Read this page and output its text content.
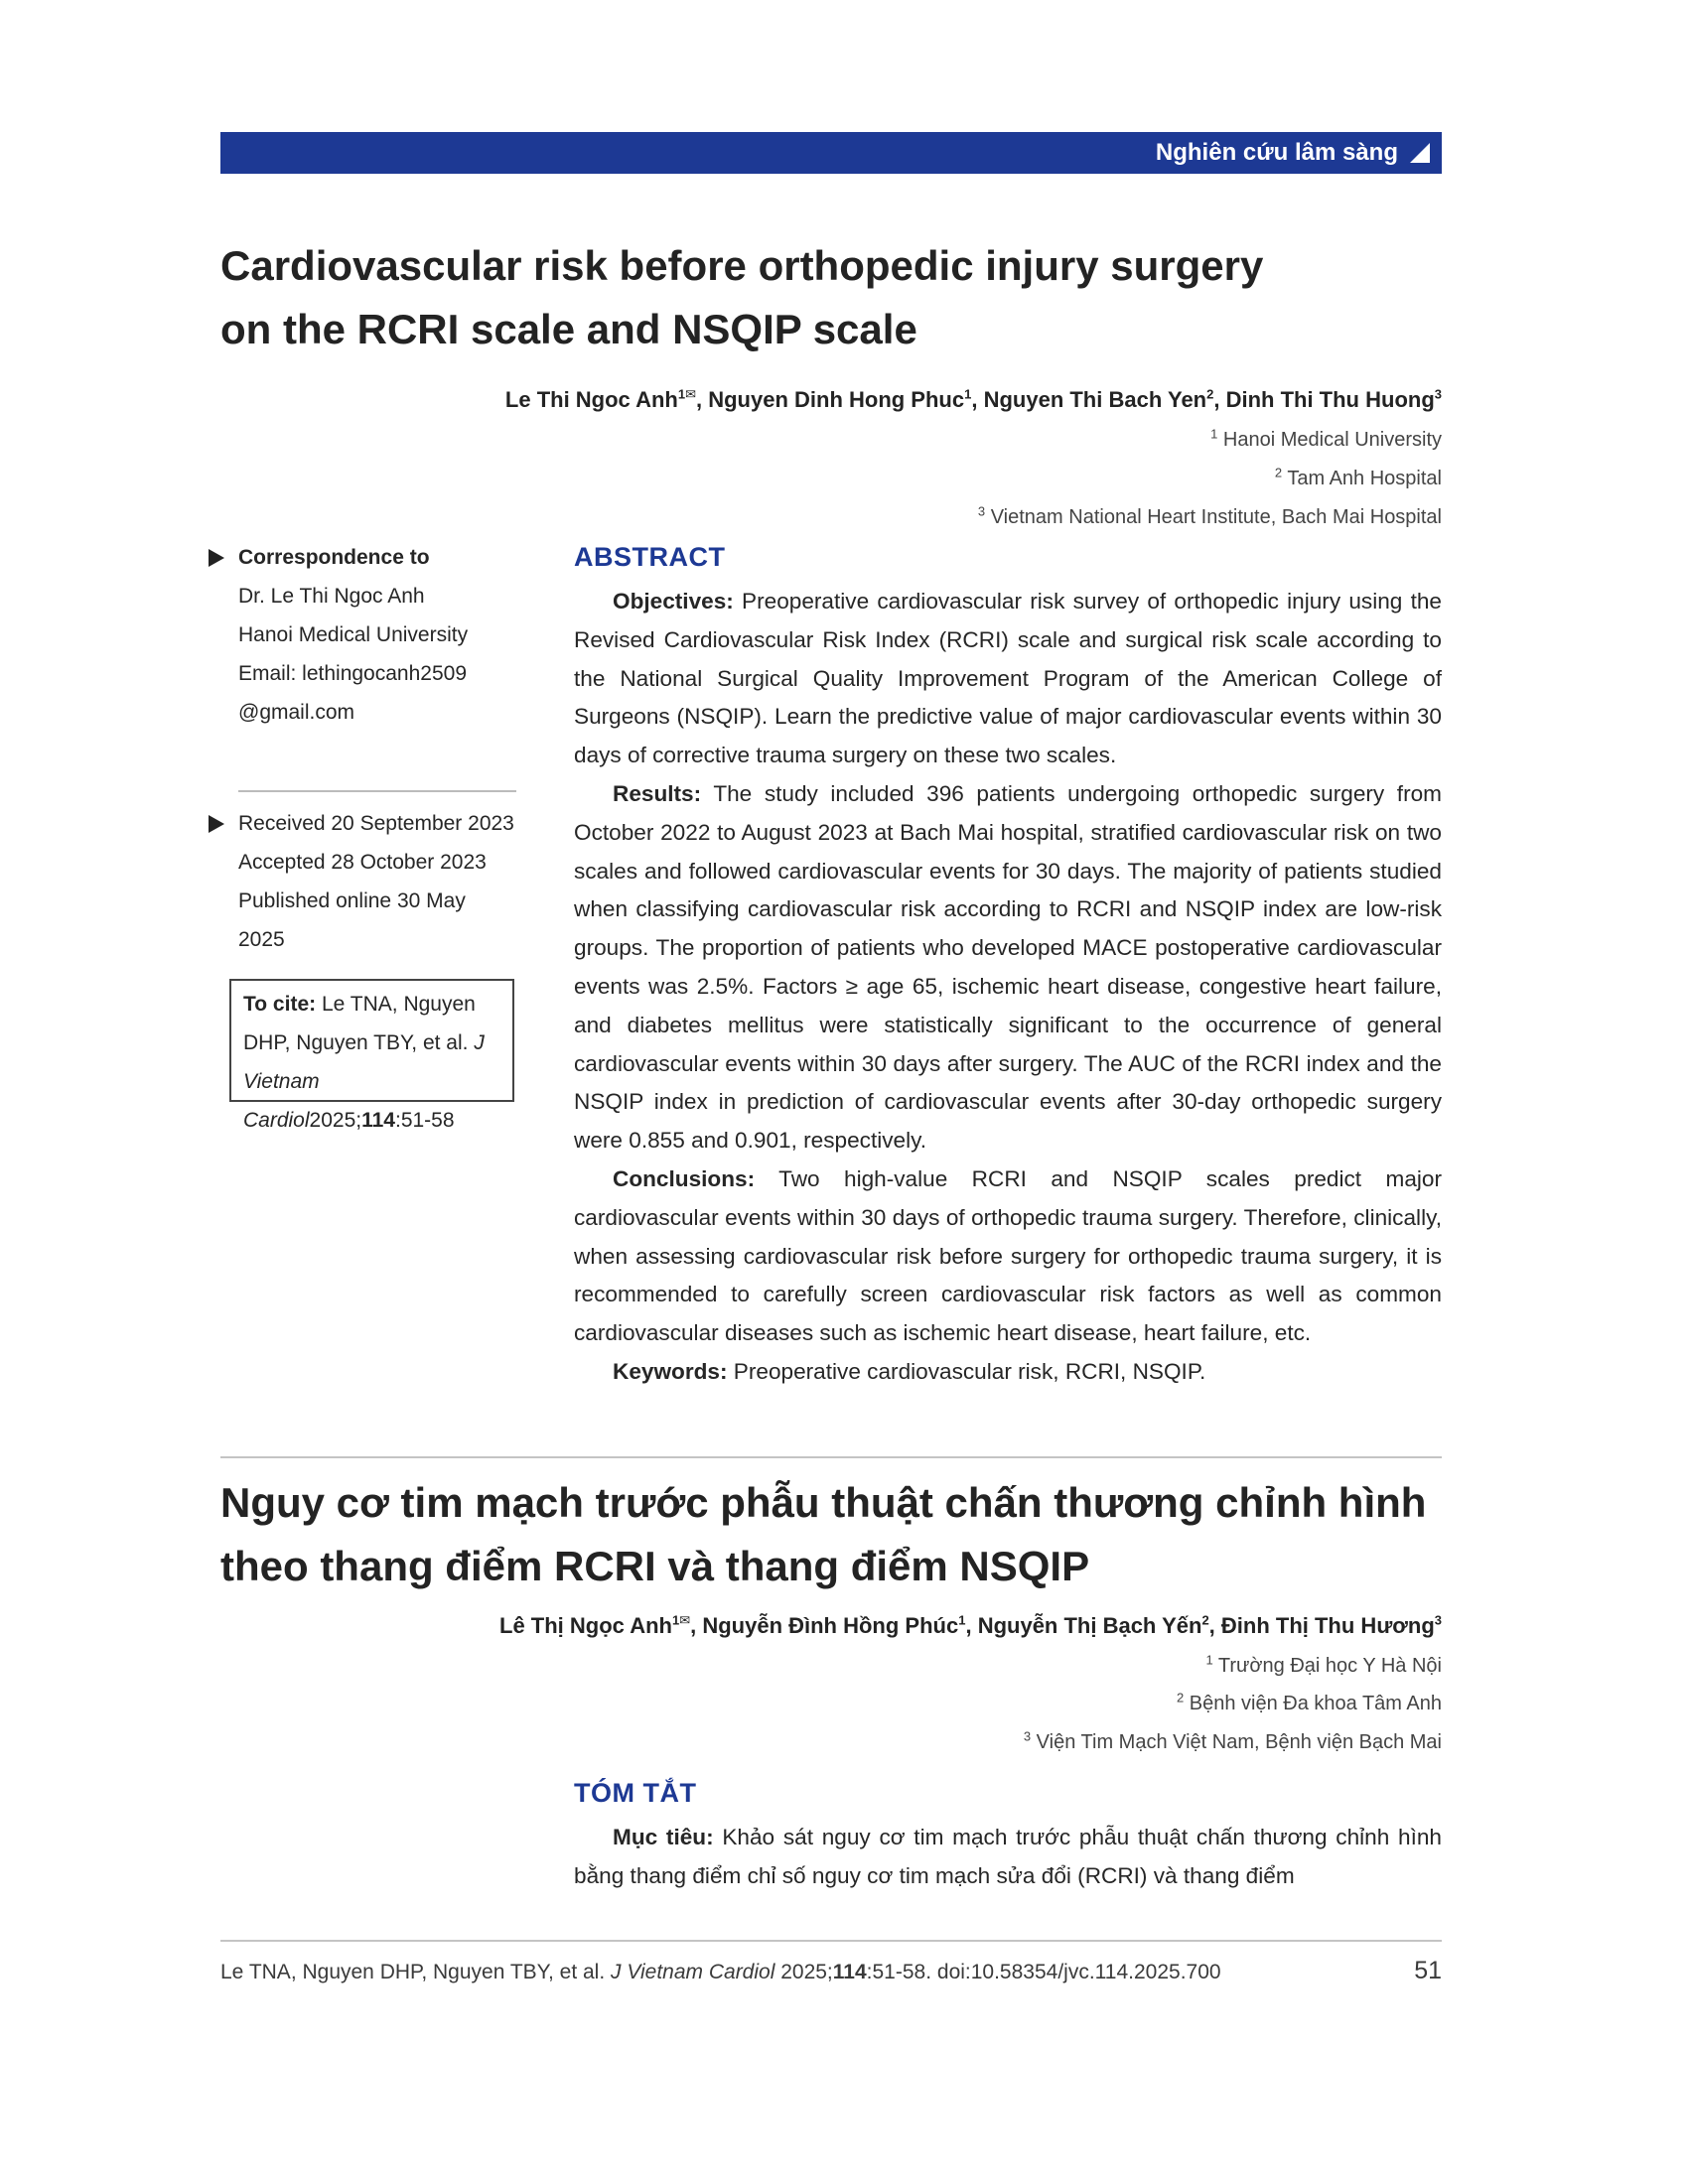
Nghiên cứu lâm sàng
Cardiovascular risk before orthopedic injury surgery
on the RCRI scale and NSQIP scale
Le Thi Ngoc Anh$^{1✉}$, Nguyen Dinh Hong Phuc$^1$, Nguyen Thi Bach Yen$^2$, Dinh Thi Thu Huong$^3$
$^1$ Hanoi Medical University
$^2$ Tam Anh Hospital
$^3$ Vietnam National Heart Institute, Bach Mai Hospital
Correspondence to
Dr. Le Thi Ngoc Anh
Hanoi Medical University
Email: lethingocanh2509
@gmail.com
Received 20 September 2023
Accepted 28 October 2023
Published online 30 May 2025
To cite: Le TNA, Nguyen DHP, Nguyen TBY, et al. J Vietnam Cardiol2025;114:51-58
ABSTRACT

Objectives: Preoperative cardiovascular risk survey of orthopedic injury using the Revised Cardiovascular Risk Index (RCRI) scale and surgical risk scale according to the National Surgical Quality Improvement Program of the American College of Surgeons (NSQIP). Learn the predictive value of major cardiovascular events within 30 days of corrective trauma surgery on these two scales.

Results: The study included 396 patients undergoing orthopedic surgery from October 2022 to August 2023 at Bach Mai hospital, stratified cardiovascular risk on two scales and followed cardiovascular events for 30 days. The majority of patients studied when classifying cardiovascular risk according to RCRI and NSQIP index are low-risk groups. The proportion of patients who developed MACE postoperative cardiovascular events was 2.5%. Factors ≥ age 65, ischemic heart disease, congestive heart failure, and diabetes mellitus were statistically significant to the occurrence of general cardiovascular events within 30 days after surgery. The AUC of the RCRI index and the NSQIP index in prediction of cardiovascular events after 30-day orthopedic surgery were 0.855 and 0.901, respectively.

Conclusions: Two high-value RCRI and NSQIP scales predict major cardiovascular events within 30 days of orthopedic trauma surgery. Therefore, clinically, when assessing cardiovascular risk before surgery for orthopedic trauma surgery, it is recommended to carefully screen cardiovascular risk factors as well as common cardiovascular diseases such as ischemic heart disease, heart failure, etc.

Keywords: Preoperative cardiovascular risk, RCRI, NSQIP.

Nguy cơ tim mạch trước phẫu thuật chấn thương chỉnh hình
theo thang điểm RCRI và thang điểm NSQIP
Lê Thị Ngọc Anh$^{1✉}$, Nguyễn Đình Hồng Phúc$^1$, Nguyễn Thị Bạch Yến$^2$, Đinh Thị Thu Hương$^3$
$^1$ Trường Đại học Y Hà Nội
$^2$ Bệnh viện Đa khoa Tâm Anh
$^3$ Viện Tim Mạch Việt Nam, Bệnh viện Bạch Mai
TÓM TẮT

Mục tiêu: Khảo sát nguy cơ tim mạch trước phẫu thuật chấn thương chỉnh hình bằng thang điểm chỉ số nguy cơ tim mạch sửa đổi (RCRI) và thang điểm

Le TNA, Nguyen DHP, Nguyen TBY, et al. J Vietnam Cardiol 2025;114:51-58. doi:10.58354/jvc.114.2025.700	51
